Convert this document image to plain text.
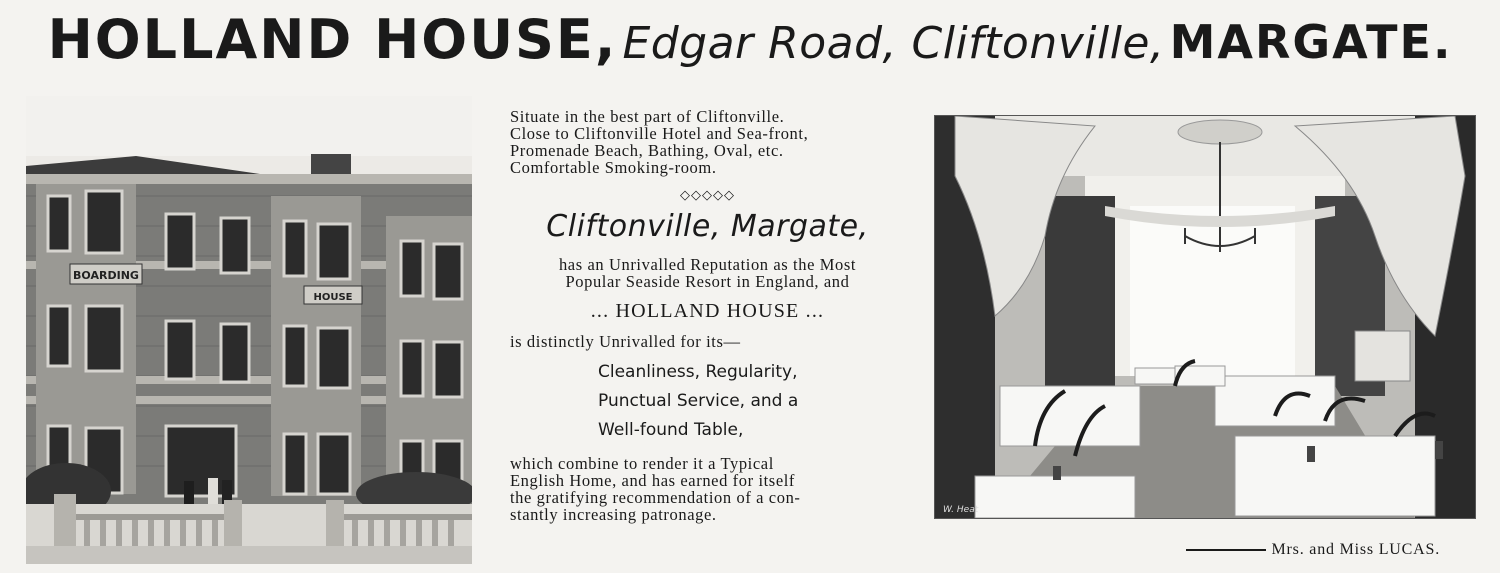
HOLLAND HOUSE, Edgar Road, Cliftonville, MARGATE.
BOARDING
HOUSE

Situate in the best part of Cliftonville.
Close to Cliftonville Hotel and Sea-front,
Promenade Beach, Bathing, Oval, etc.
Comfortable Smoking-room.

◇◇◇◇◇
Cliftonville, Margate,

has an Unrivalled Reputation as the Most
Popular Seaside Resort in England, and

... HOLLAND HOUSE ...

is distinctly Unrivalled for its—

Cleanliness, Regularity,

Punctual Service, and a

Well-found Table,

which combine to render it a Typical
English Home, and has earned for itself
the gratifying recommendation of a con-
stantly increasing patronage.	W. Heat
Mrs. and Miss LUCAS.
